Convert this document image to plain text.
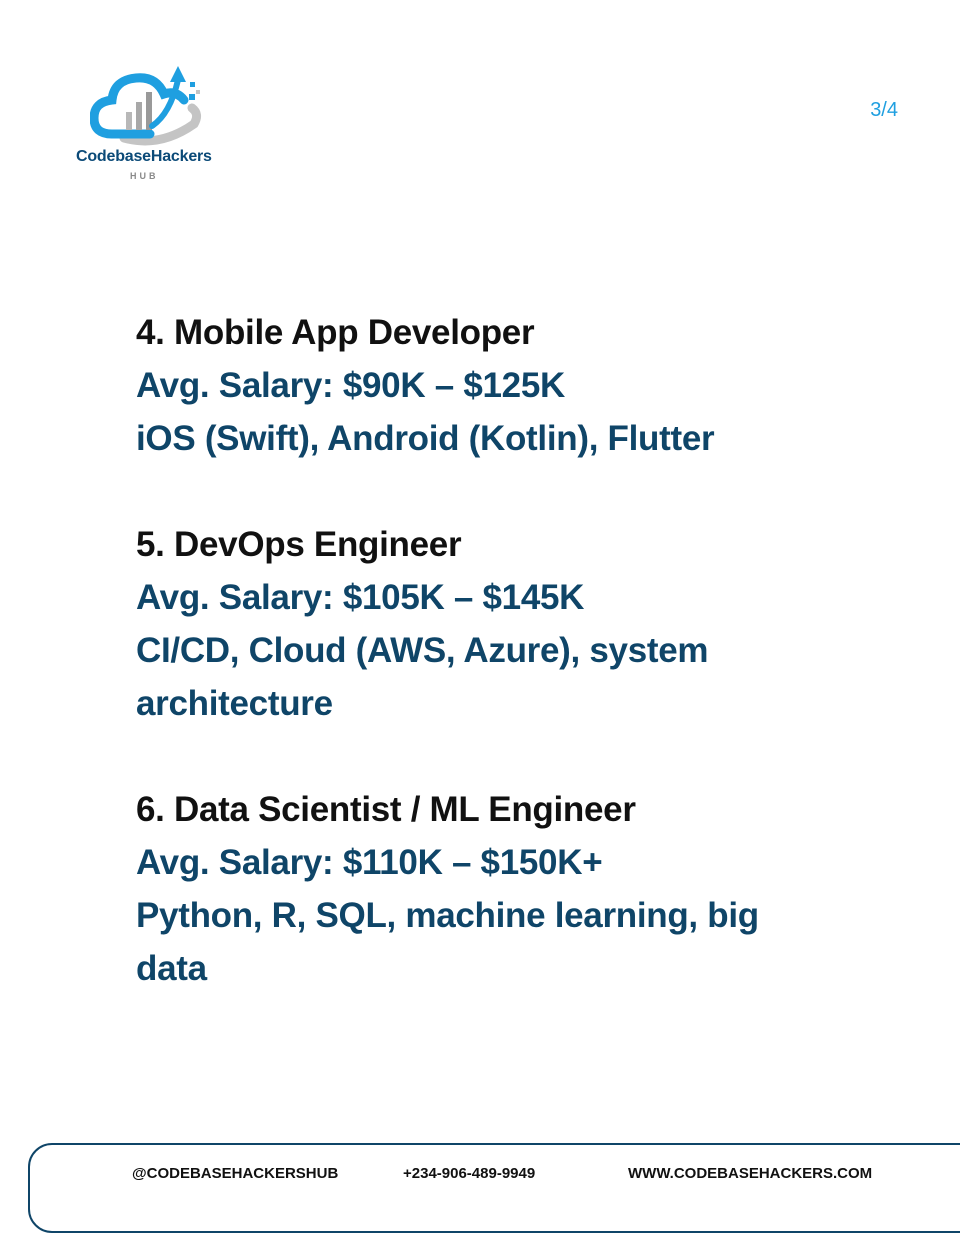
CodebaseHackers
HUB
3/4
4. Mobile App Developer
Avg. Salary: $90K – $125K
iOS (Swift), Android (Kotlin), Flutter
5. DevOps Engineer
Avg. Salary: $105K – $145K
CI/CD, Cloud (AWS, Azure), system architecture
6. Data Scientist / ML Engineer
Avg. Salary: $110K – $150K+
Python, R, SQL, machine learning, big data
@CODEBASEHACKERSHUB	+234-906-489-9949	WWW.CODEBASEHACKERS.COM
